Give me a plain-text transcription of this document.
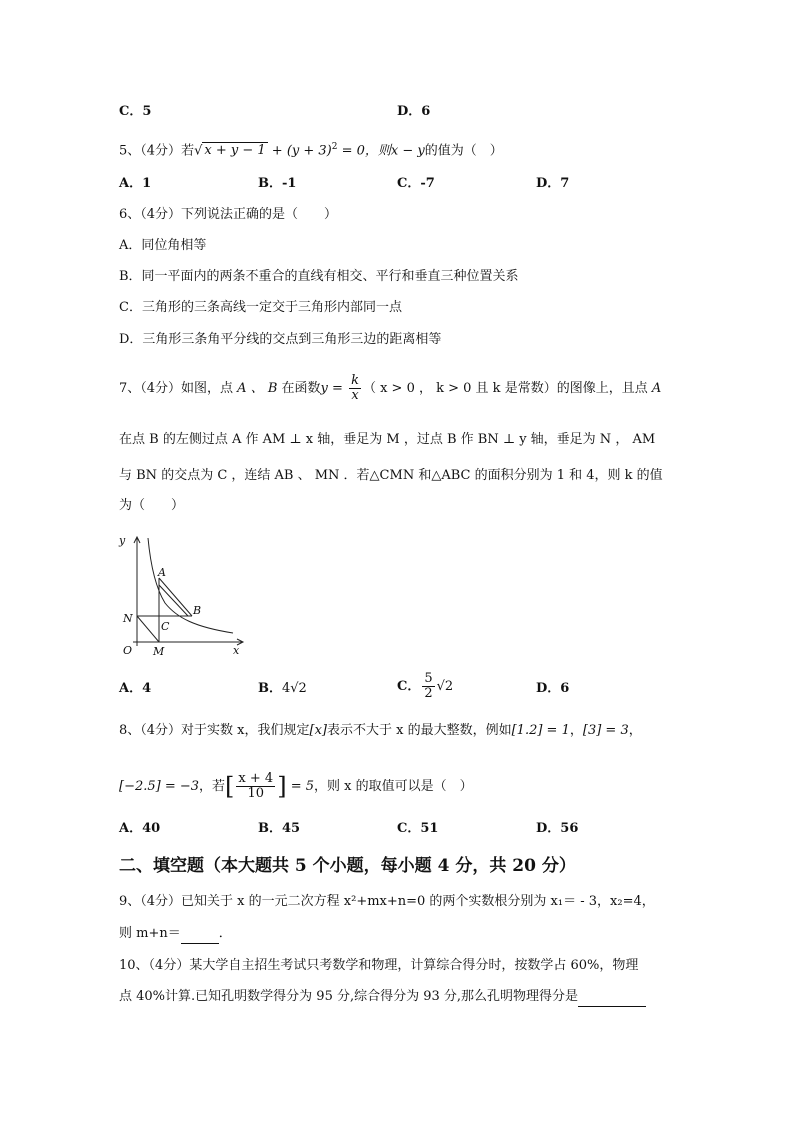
C．5	D．6
5、（4分）若√ $x + y - 1 + (y + 3)^2 = 0$，则x − y的值为（　）
A．1	B．-1	C．-7	D．7
6、（4分）下列说法正确的是（　　）
A．同位角相等
B．同一平面内的两条不重合的直线有相交、平行和垂直三种位置关系
C．三角形的三条高线一定交于三角形内部同一点
D．三角形三条角平分线的交点到三角形三边的距离相等
7、（4分）如图，点 A 、 B 在函数$y = \frac{k}{x}$ （ x > 0 ， k > 0 且 k 是常数）的图像上，且点 A
在点 B 的左侧过点 A 作 AM ⊥ x 轴，垂足为 M ，过点 B 作 BN ⊥ y 轴，垂足为 N ， AM
与 BN 的交点为 C ，连结 AB 、 MN ．若△CMN 和△ABC 的面积分别为 1 和 4，则 k 的值
为（　　）
y
x
O
A
B
C
N
M
A．4	B．4√2	C． $\frac{5}{2} √2$	D．6
8、（4分）对于实数 x，我们规定[x]表示不大于 x 的最大整数，例如[1.2] = 1，[3] = 3，
[−2.5] = −3，若[ $\frac{x + 4}{10}$ ] = 5，则 x 的取值可以是（　）
A．40	B．45	C．51	D．56
二、填空题（本大题共 5 个小题，每小题 4 分，共 20 分）
9、（4分）已知关于 x 的一元二次方程 x²+mx+n=0 的两个实数根分别为 x₁＝ - 3，x₂=4，
则 m+n＝	．
10、（4分）某大学自主招生考试只考数学和物理，计算综合得分时，按数学占 60%，物理
点 40%计算.已知孔明数学得分为 95 分,综合得分为 93 分,那么孔明物理得分是
